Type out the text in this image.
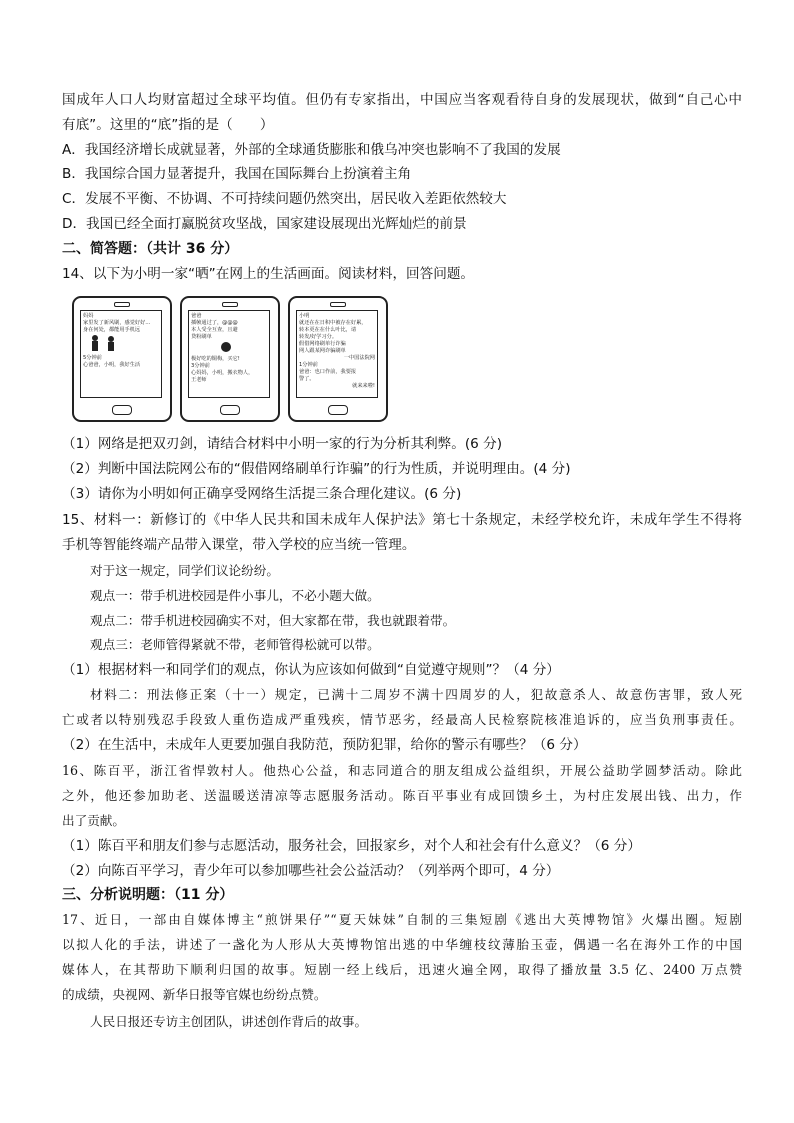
国成年人口人均财富超过全球平均值。但仍有专家指出，中国应当客观看待自身的发展现状，做到“自己心中
有底”。这里的“底”指的是（　　）
A．我国经济增长成就显著，外部的全球通货膨胀和俄乌冲突也影响不了我国的发展
B．我国综合国力显著提升，我国在国际舞台上扮演着主角
C．发展不平衡、不协调、不可持续问题仍然突出，居民收入差距依然较大
D．我国已经全面打赢脱贫攻坚战，国家建设展现出光辉灿烂的前景
二、简答题：（共计 36 分）
14、以下为小明一家“晒”在网上的生活画面。阅读材料，回答问题。

妈妈

家里发了新风刷，感觉好好…

身在何处，都能用手机远

5分钟前

心爸爸，小明，我好生活

爸爸

插帧通过了，@@@

本人受全互查，且避

贷粉刷单

极好吃的铜梅，买它!

3分钟前

心妈妈，小明，搬衣物人，

王老师

小明

就还在在日积中被存在好累，

转本更在在什么叶比，请

转发/好学习分。

假借网络刷单行诈骗

网人跟某网诈骗刷单

一中国法院网

1分钟前

爸爸：也口作前，我要报

警了。

就来来啦!

（1）网络是把双刃剑，请结合材料中小明一家的行为分析其利弊。(6 分)
（2）判断中国法院网公布的“假借网络刷单行诈骗”的行为性质，并说明理由。(4 分)
（3）请你为小明如何正确享受网络生活提三条合理化建议。(6 分)
15、材料一：新修订的《中华人民共和国未成年人保护法》第七十条规定，未经学校允许，未成年学生不得将
手机等智能终端产品带入课堂，带入学校的应当统一管理。
对于这一规定，同学们议论纷纷。
观点一：带手机进校园是件小事儿，不必小题大做。
观点二：带手机进校园确实不对，但大家都在带，我也就跟着带。
观点三：老师管得紧就不带，老师管得松就可以带。
（1）根据材料一和同学们的观点，你认为应该如何做到“自觉遵守规则”？（4 分）
材料二：刑法修正案（十一）规定，已满十二周岁不满十四周岁的人，犯故意杀人、故意伤害罪，致人死
亡或者以特别残忍手段致人重伤造成严重残疾，情节恶劣，经最高人民检察院核准追诉的，应当负刑事责任。
（2）在生活中，未成年人更要加强自我防范，预防犯罪，给你的警示有哪些？（6 分）
16、陈百平，浙江省悍敦村人。他热心公益，和志同道合的朋友组成公益组织，开展公益助学圆梦活动。除此
之外，他还参加助老、送温暖送清凉等志愿服务活动。陈百平事业有成回馈乡土，为村庄发展出钱、出力，作
出了贡献。
（1）陈百平和朋友们参与志愿活动，服务社会，回报家乡，对个人和社会有什么意义？（6 分）
（2）向陈百平学习，青少年可以参加哪些社会公益活动？（列举两个即可，4 分）
三、分析说明题：（11 分）
17、近日，一部由自媒体博主“煎饼果仔”“夏天妹妹”自制的三集短剧《逃出大英博物馆》火爆出圈。短剧
以拟人化的手法，讲述了一盏化为人形从大英博物馆出逃的中华缠枝纹薄胎玉壶，偶遇一名在海外工作的中国
媒体人，在其帮助下顺利归国的故事。短剧一经上线后，迅速火遍全网，取得了播放量 3.5 亿、2400 万点赞
的成绩，央视网、新华日报等官媒也纷纷点赞。
人民日报还专访主创团队，讲述创作背后的故事。
